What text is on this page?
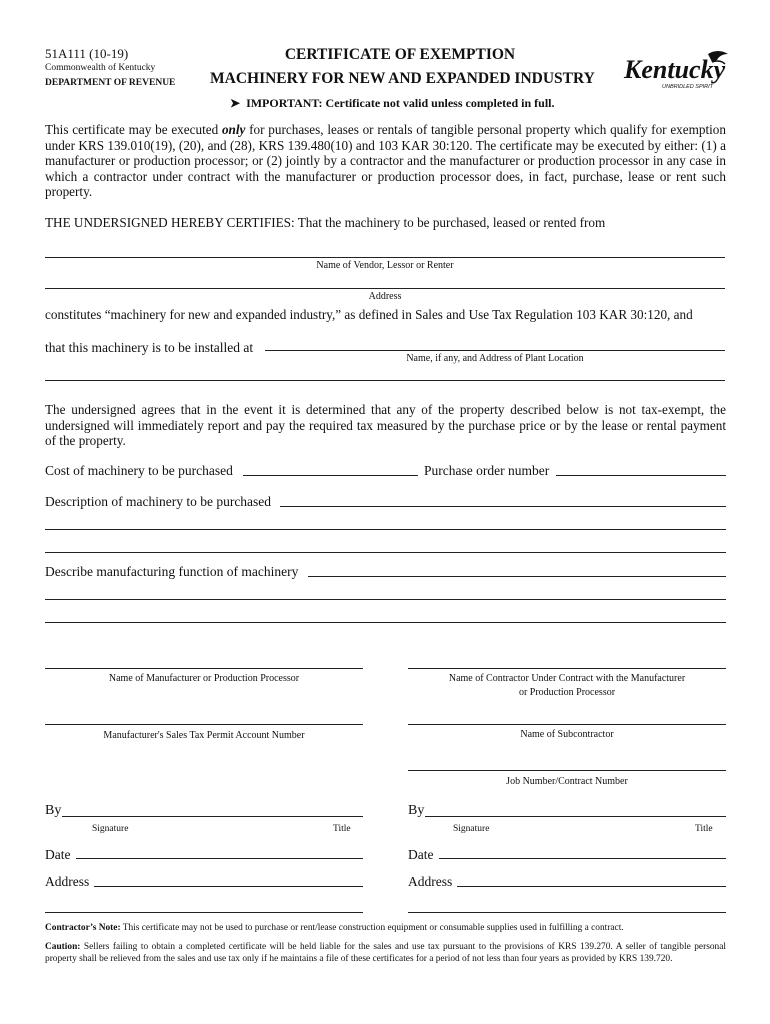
51A111 (10-19)
Commonwealth of Kentucky
DEPARTMENT OF REVENUE
CERTIFICATE OF EXEMPTION
MACHINERY FOR NEW AND EXPANDED INDUSTRY Kentucky
UNBRIDLED SPIRIT
➤ IMPORTANT: Certificate not valid unless completed in full.
This certificate may be executed only for purchases, leases or rentals of tangible personal property which qualify for exemption under KRS 139.010(19), (20), and (28), KRS 139.480(10) and 103 KAR 30:120. The certificate may be executed by either: (1) a manufacturer or production processor; or (2) jointly by a contractor and the manufacturer or production processor in any case in which a contractor under contract with the manufacturer or production processor does, in fact, purchase, lease or rent such property.
THE UNDERSIGNED HEREBY CERTIFIES: That the machinery to be purchased, leased or rented from
Name of Vendor, Lessor or Renter
Address
constitutes “machinery for new and expanded industry,” as defined in Sales and Use Tax Regulation 103 KAR 30:120, and
that this machinery is to be installed at
Name, if any, and Address of Plant Location
The undersigned agrees that in the event it is determined that any of the property described below is not tax-exempt, the undersigned will immediately report and pay the required tax measured by the purchase price or by the lease or rental payment of the property.
Cost of machinery to be purchased	Purchase order number
Description of machinery to be purchased
Describe manufacturing function of machinery
Name of Manufacturer or Production Processor
Manufacturer's Sales Tax Permit Account Number
Name of Contractor Under Contract with the Manufacturer
or Production Processor
Name of Subcontractor
Job Number/Contract Number
By
Signature	Title
Date
Address
By
Signature	Title
Date
Address
Contractor’s Note: This certificate may not be used to purchase or rent/lease construction equipment or consumable supplies used in fulfilling a contract.
Caution: Sellers failing to obtain a completed certificate will be held liable for the sales and use tax pursuant to the provisions of KRS 139.270. A seller of tangible personal property shall be relieved from the sales and use tax only if he maintains a file of these certificates for a period of not less than four years as provided by KRS 139.720.
